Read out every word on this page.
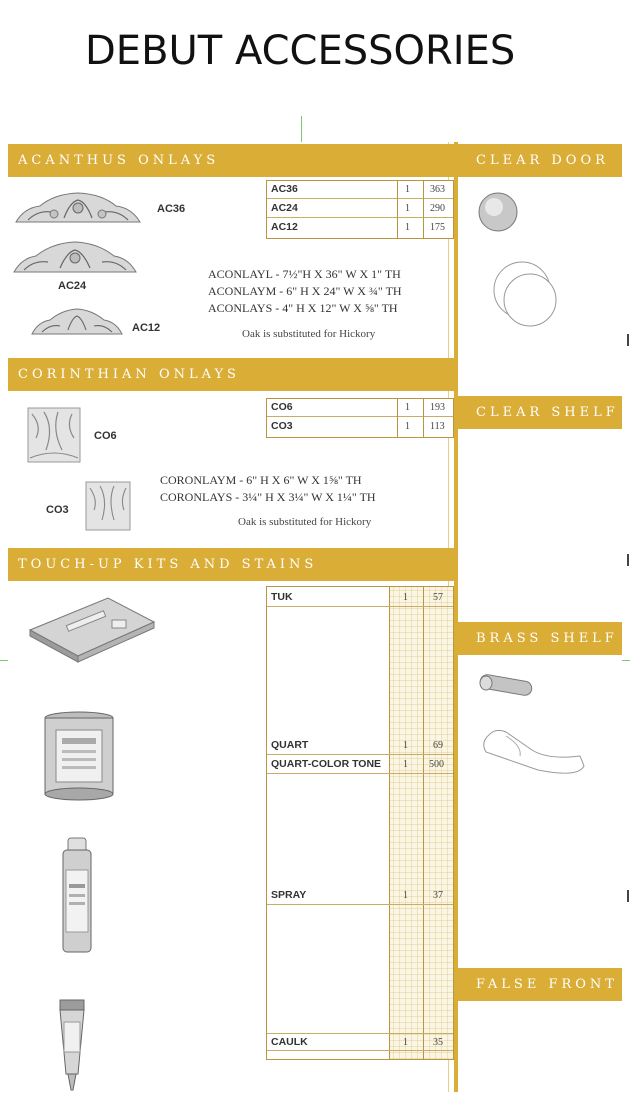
DEBUT ACCESSORIES
ACANTHUS ONLAYS
AC36
AC24
AC12
AC36	1 363
AC24	1 290
AC12	1 175
ACONLAYL - 7½"H X 36" W X 1" TH
ACONLAYM - 6" H X 24" W X ¾" TH
ACONLAYS - 4" H X 12" W X ⅝" TH
Oak is substituted for Hickory
CORINTHIAN ONLAYS
CO6
CO3
CO6	1 193
CO3	1 113
CORONLAYM - 6" H X 6" W X 1⅝" TH
CORONLAYS - 3¼" H X 3¼" W X 1¼" TH
Oak is substituted for Hickory
TOUCH-UP KITS AND STAINS
TUK	1	57
QUART	1	69
QUART-COLOR TONE 1 500
SPRAY	1	37
CAULK	1	35
CLEAR DOOR
CLEAR SHELF
BRASS SHELF
FALSE FRONT
